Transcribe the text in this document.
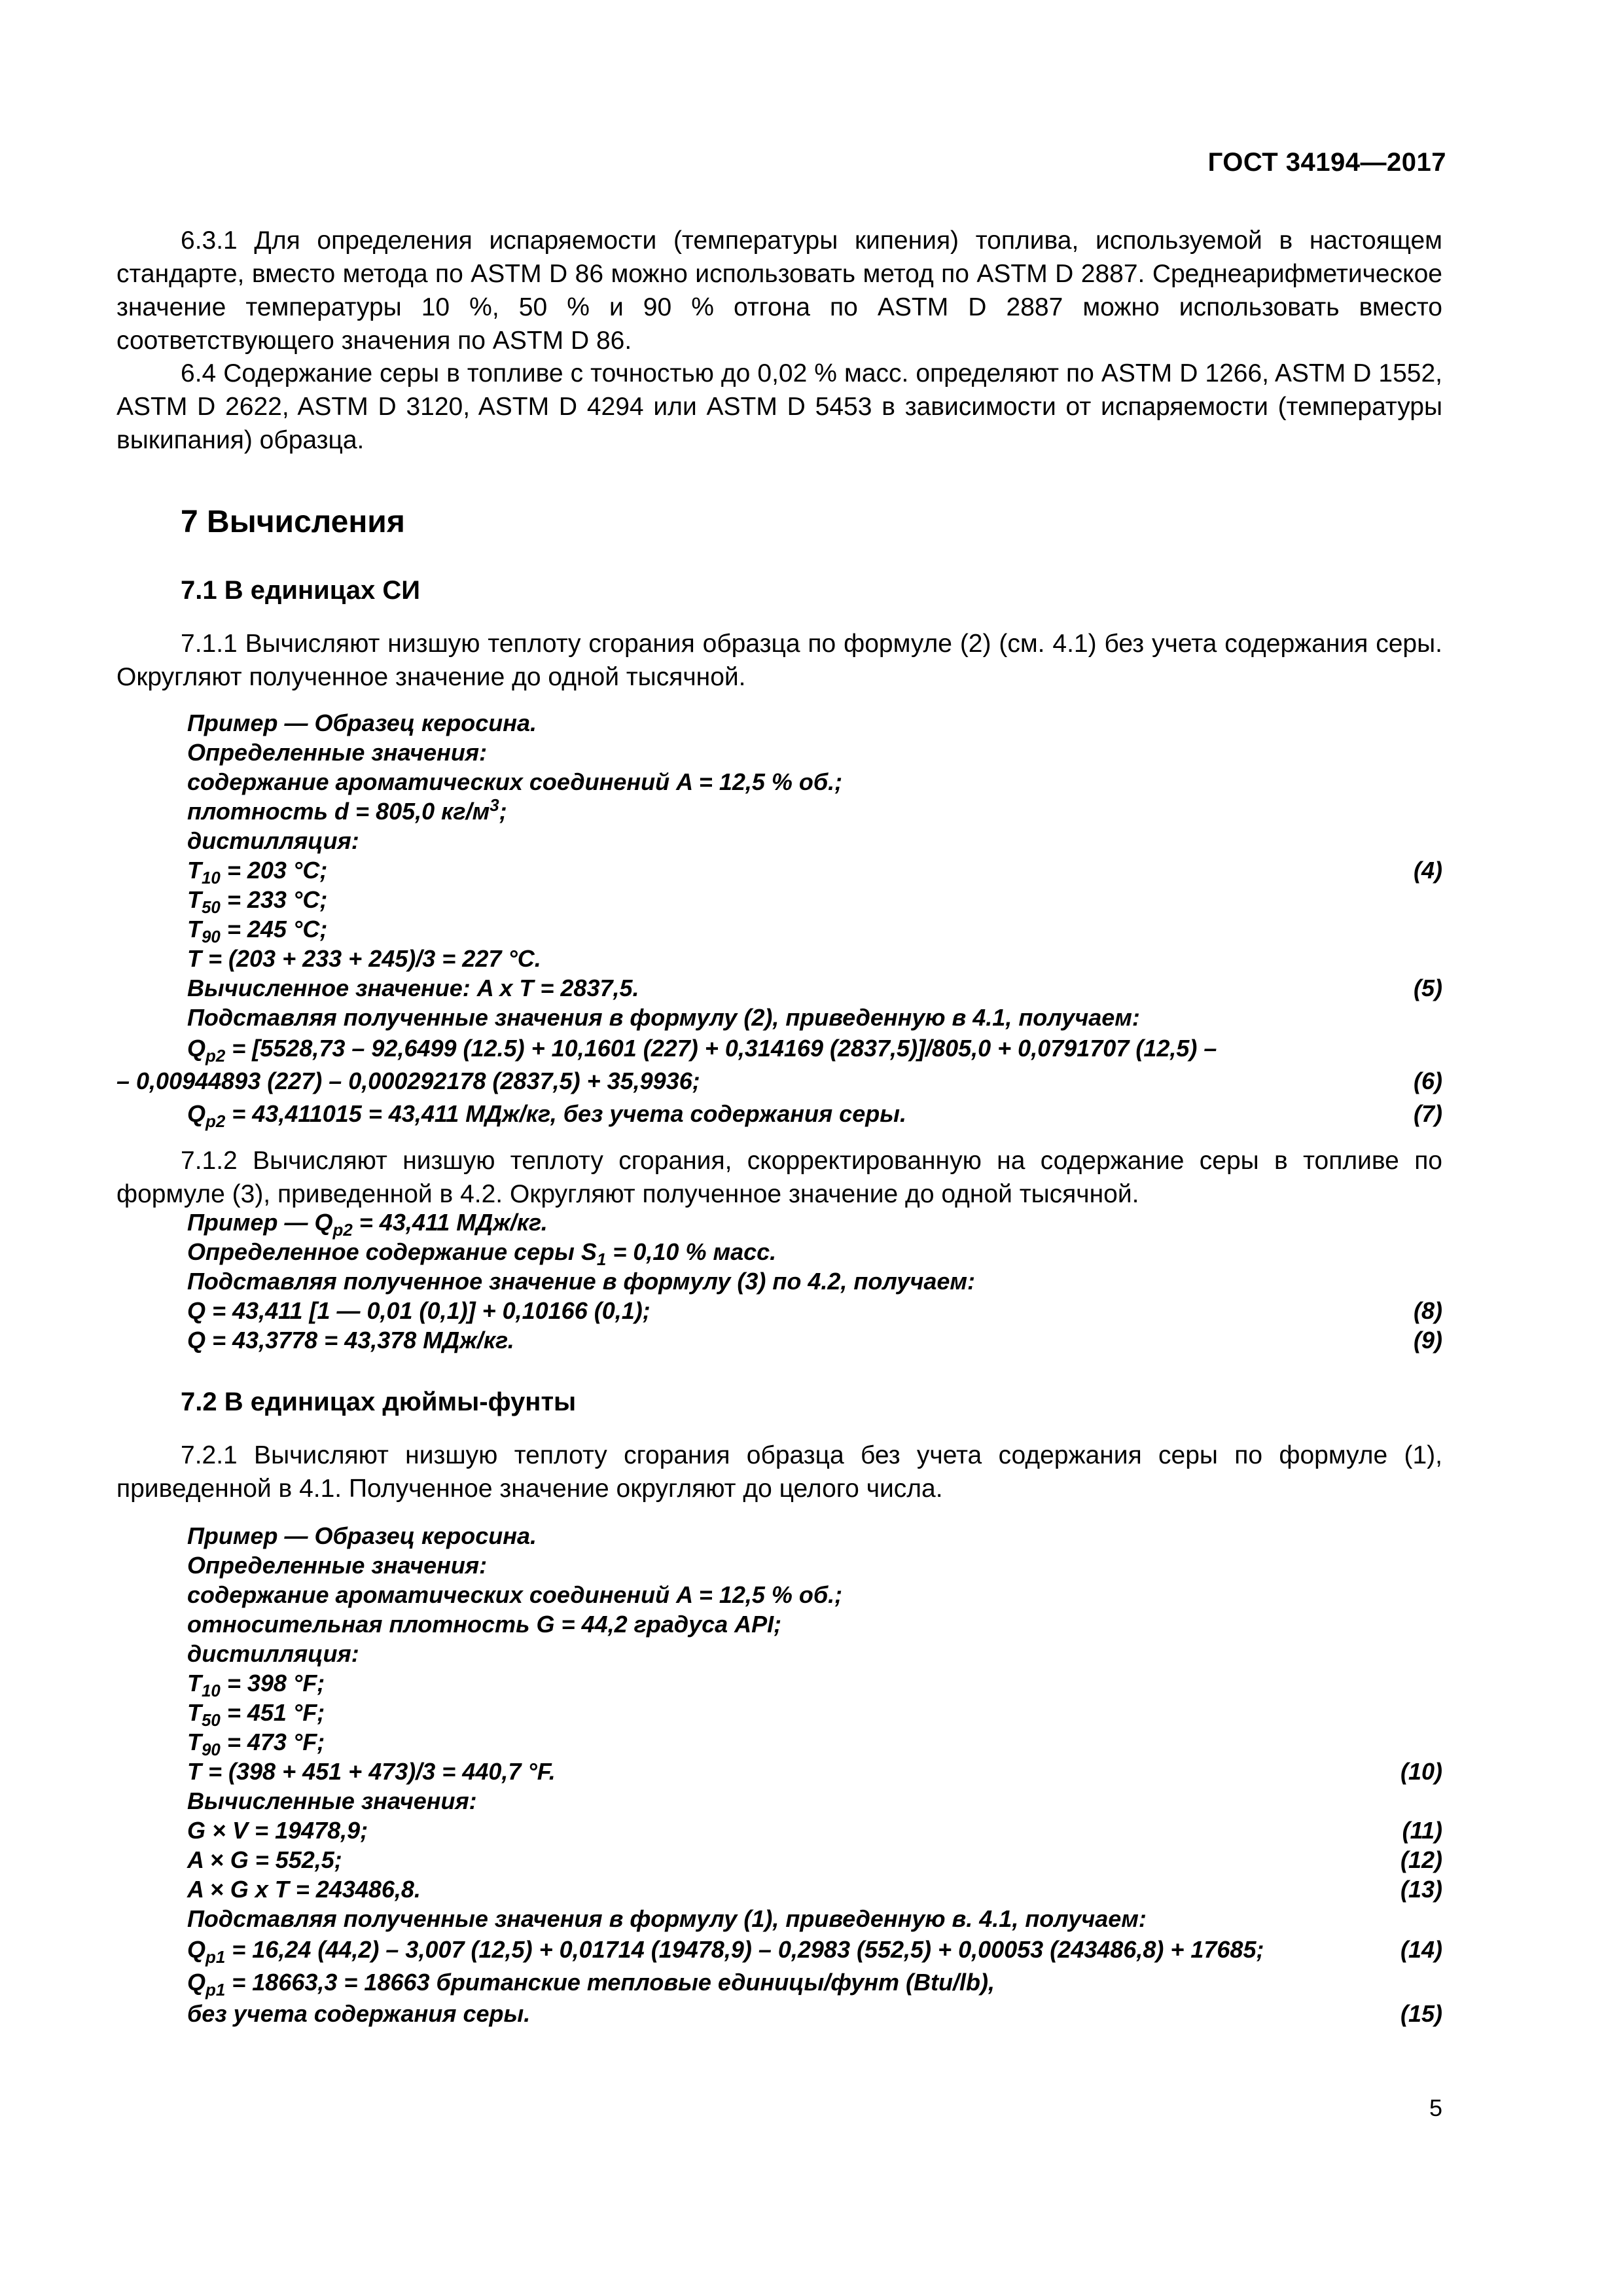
ГОСТ 34194—2017

6.3.1 Для определения испаряемости (температуры кипения) топлива, используемой в настоящем стандарте, вместо метода по ASTM D 86 можно использовать метод по ASTM D 2887. Среднеарифметическое значение температуры 10 %, 50 % и 90 % отгона по ASTM D 2887 можно использовать вместо соответствующего значения по ASTM D 86.

6.4 Содержание серы в топливе с точностью до 0,02 % масс. определяют по ASTM D 1266, ASTM D 1552, ASTM D 2622, ASTM D 3120, ASTM D 4294 или ASTM D 5453 в зависимости от испаряемости (температуры выкипания) образца.

7 Вычисления
7.1 В единицах СИ

7.1.1 Вычисляют низшую теплоту сгорания образца по формуле (2) (см. 4.1) без учета содержания серы. Округляют полученное значение до одной тысячной.

Пример — Образец керосина.
Определенные значения:
содержание ароматических соединений A = 12,5 % об.;
плотность d = 805,0 $кг/м^3$;
дистилляция:
$T_{10} = 203$ °С;	(4)
$T_{50} = 233$ °С;
$T_{90} = 245$ °С;
T = (203 + 233 + 245)/3 = 227 °С.
Вычисленное значение: A x T = 2837,5.	(5)
Подставляя полученные значения в формулу (2), приведенную в 4.1, получаем:
$Q_{p2} = [5528,73 - 92,6499$ (12.5) + 10,1601 (227) + 0,314169 (2837,5)]/805,0 + 0,0791707 (12,5) –
– 0,00944893 (227) – 0,000292178 (2837,5) + 35,9936;	(6)
$Q_{p2} = 43,411015 = 43,411$ МДж/кг, без учета содержания серы.	(7)

7.1.2 Вычисляют низшую теплоту сгорания, скорректированную на содержание серы в топливе по формуле (3), приведенной в 4.2. Округляют полученное значение до одной тысячной.

Пример — $Q_{p2} = 43,411$ МДж/кг.
Определенное содержание серы $S_1 = 0,10$ % масс.
Подставляя полученное значение в формулу (3) по 4.2, получаем:
Q = 43,411 [1 — 0,01 (0,1)] + 0,10166 (0,1);	(8)
Q = 43,3778 = 43,378 МДж/кг.	(9)
7.2 В единицах дюймы-фунты

7.2.1 Вычисляют низшую теплоту сгорания образца без учета содержания серы по формуле (1), приведенной в 4.1. Полученное значение округляют до целого числа.

Пример — Образец керосина.
Определенные значения:
содержание ароматических соединений A = 12,5 % об.;
относительная плотность G = 44,2 градуса API;
дистилляция:
$T_{10} = 398$ °F;
$T_{50} = 451$ °F;
$T_{90} = 473$ °F;
T = (398 + 451 + 473)/3 = 440,7 °F.	(10)
Вычисленные значения:
G × V = 19478,9;	(11)
A × G = 552,5;	(12)
A × G x T = 243486,8.	(13)
Подставляя полученные значения в формулу (1), приведенную в. 4.1, получаем:
$Q_{p1} = 16,24$ (44,2) – 3,007 (12,5) + 0,01714 (19478,9) – 0,2983 (552,5) + 0,00053 (243486,8) + 17685;	(14)
$Q_{p1} = 18663,3 = 18663$ британские тепловые единицы/фунт (Btu/lb),
без учета содержания серы.	(15)
5
